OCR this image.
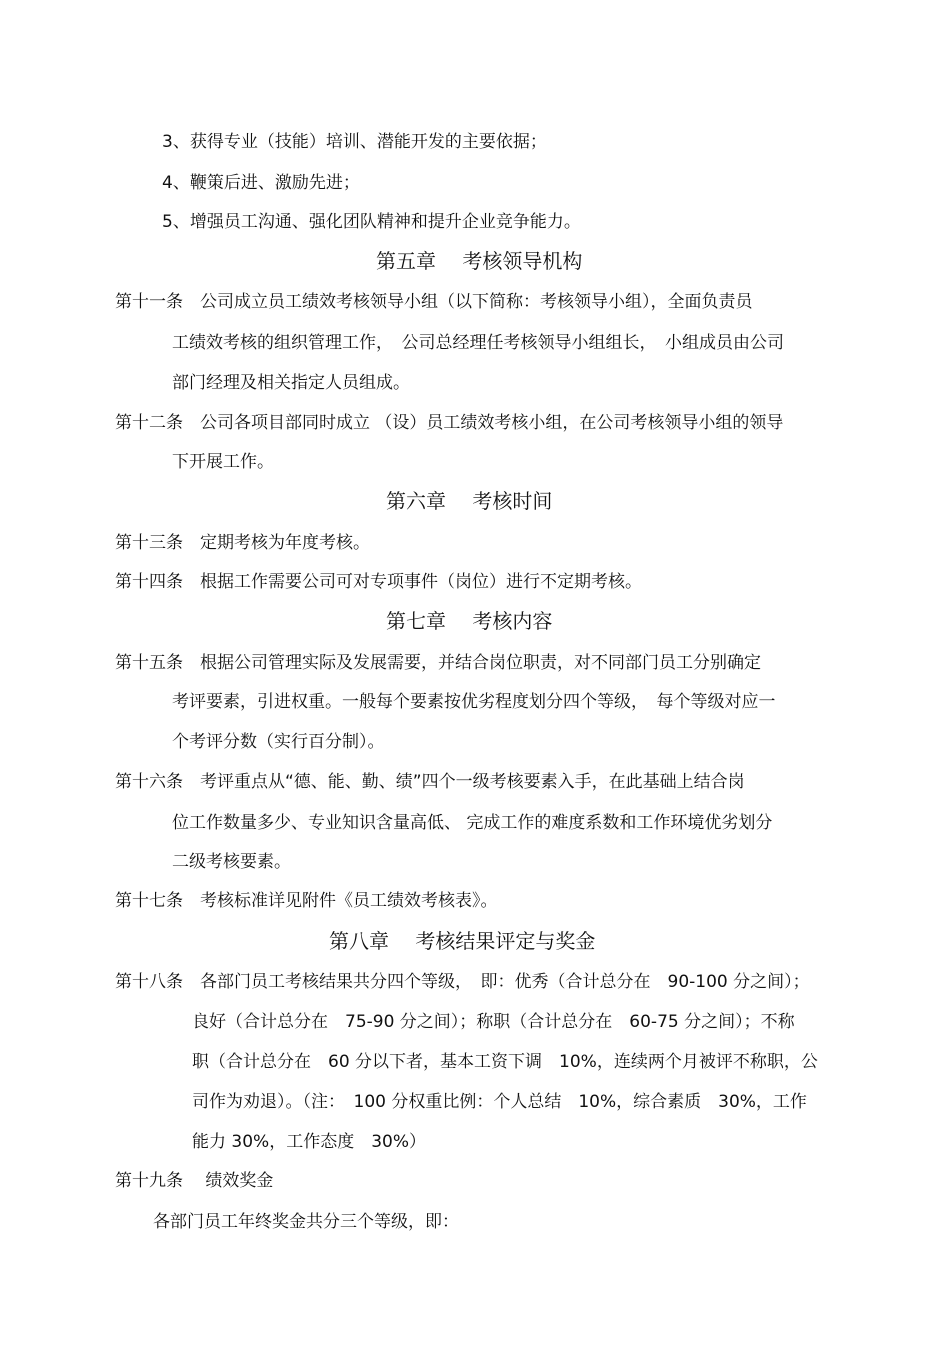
3、获得专业（技能）培训、潜能开发的主要依据；
4、鞭策后进、激励先进；
5、增强员工沟通、强化团队精神和提升企业竞争能力。
第五章　 考核领导机构
第十一条　公司成立员工绩效考核领导小组（以下简称：考核领导小组），全面负责员
工绩效考核的组织管理工作，　公司总经理任考核领导小组组长，　小组成员由公司
部门经理及相关指定人员组成。
第十二条　公司各项目部同时成立 （设）员工绩效考核小组，在公司考核领导小组的领导
下开展工作。
第六章　 考核时间
第十三条　定期考核为年度考核。
第十四条　根据工作需要公司可对专项事件（岗位）进行不定期考核。
第七章　 考核内容
第十五条　根据公司管理实际及发展需要，并结合岗位职责，对不同部门员工分别确定
考评要素，引进权重。一般每个要素按优劣程度划分四个等级，　每个等级对应一
个考评分数（实行百分制）。
第十六条　考评重点从“德、能、勤、绩”四个一级考核要素入手，在此基础上结合岗
位工作数量多少、专业知识含量高低、 完成工作的难度系数和工作环境优劣划分
二级考核要素。
第十七条　考核标准详见附件《员工绩效考核表》。
第八章　 考核结果评定与奖金
第十八条　各部门员工考核结果共分四个等级，　即：优秀（合计总分在　90-100 分之间）；
良好（合计总分在　75-90 分之间）；称职（合计总分在　60-75 分之间）；不称
职（合计总分在　60 分以下者，基本工资下调　10%，连续两个月被评不称职，公
司作为劝退）。（注：　100 分权重比例：个人总结　10%，综合素质　30%，工作
能力 30%，工作态度　30%）
第十九条　 绩效奖金
各部门员工年终奖金共分三个等级，即：
